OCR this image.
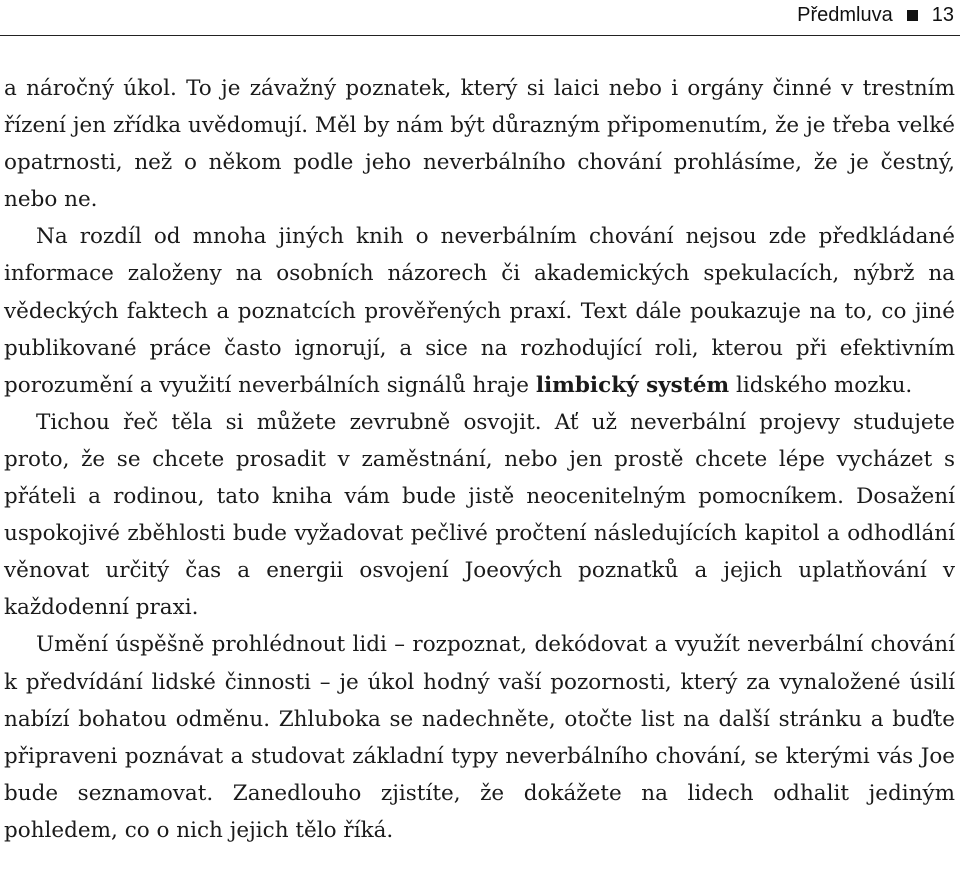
Předmluva 13

a náročný úkol. To je závažný poznatek, který si laici nebo i orgány činné v trestním řízení jen zřídka uvědomují. Měl by nám být důrazným připomenutím, že je třeba velké opatrnosti, než o někom podle jeho neverbálního chování prohlásíme, že je čestný, nebo ne.

Na rozdíl od mnoha jiných knih o neverbálním chování nejsou zde předkládané informace založeny na osobních názorech či akademických spekulacích, nýbrž na vědeckých faktech a poznatcích prověřených praxí. Text dále poukazuje na to, co jiné publikované práce často ignorují, a sice na rozhodující roli, kterou při efektivním porozumění a využití neverbálních signálů hraje limbický systém lidského mozku.

Tichou řeč těla si můžete zevrubně osvojit. Ať už neverbální projevy studujete proto, že se chcete prosadit v zaměstnání, nebo jen prostě chcete lépe vycházet s přáteli a rodinou, tato kniha vám bude jistě neocenitelným pomocníkem. Dosažení uspokojivé zběhlosti bude vyžadovat pečlivé pročtení následujících kapitol a odhodlání věnovat určitý čas a energii osvojení Joeových poznatků a jejich uplatňování v každodenní praxi.

Umění úspěšně prohlédnout lidi – rozpoznat, dekódovat a využít neverbální chování k předvídání lidské činnosti – je úkol hodný vaší pozornosti, který za vynaložené úsilí nabízí bohatou odměnu. Zhluboka se nadechněte, otočte list na další stránku a buďte připraveni poznávat a studovat základní typy neverbálního chování, se kterými vás Joe bude seznamovat. Zanedlouho zjistíte, že dokážete na lidech odhalit jediným pohledem, co o nich jejich tělo říká.
